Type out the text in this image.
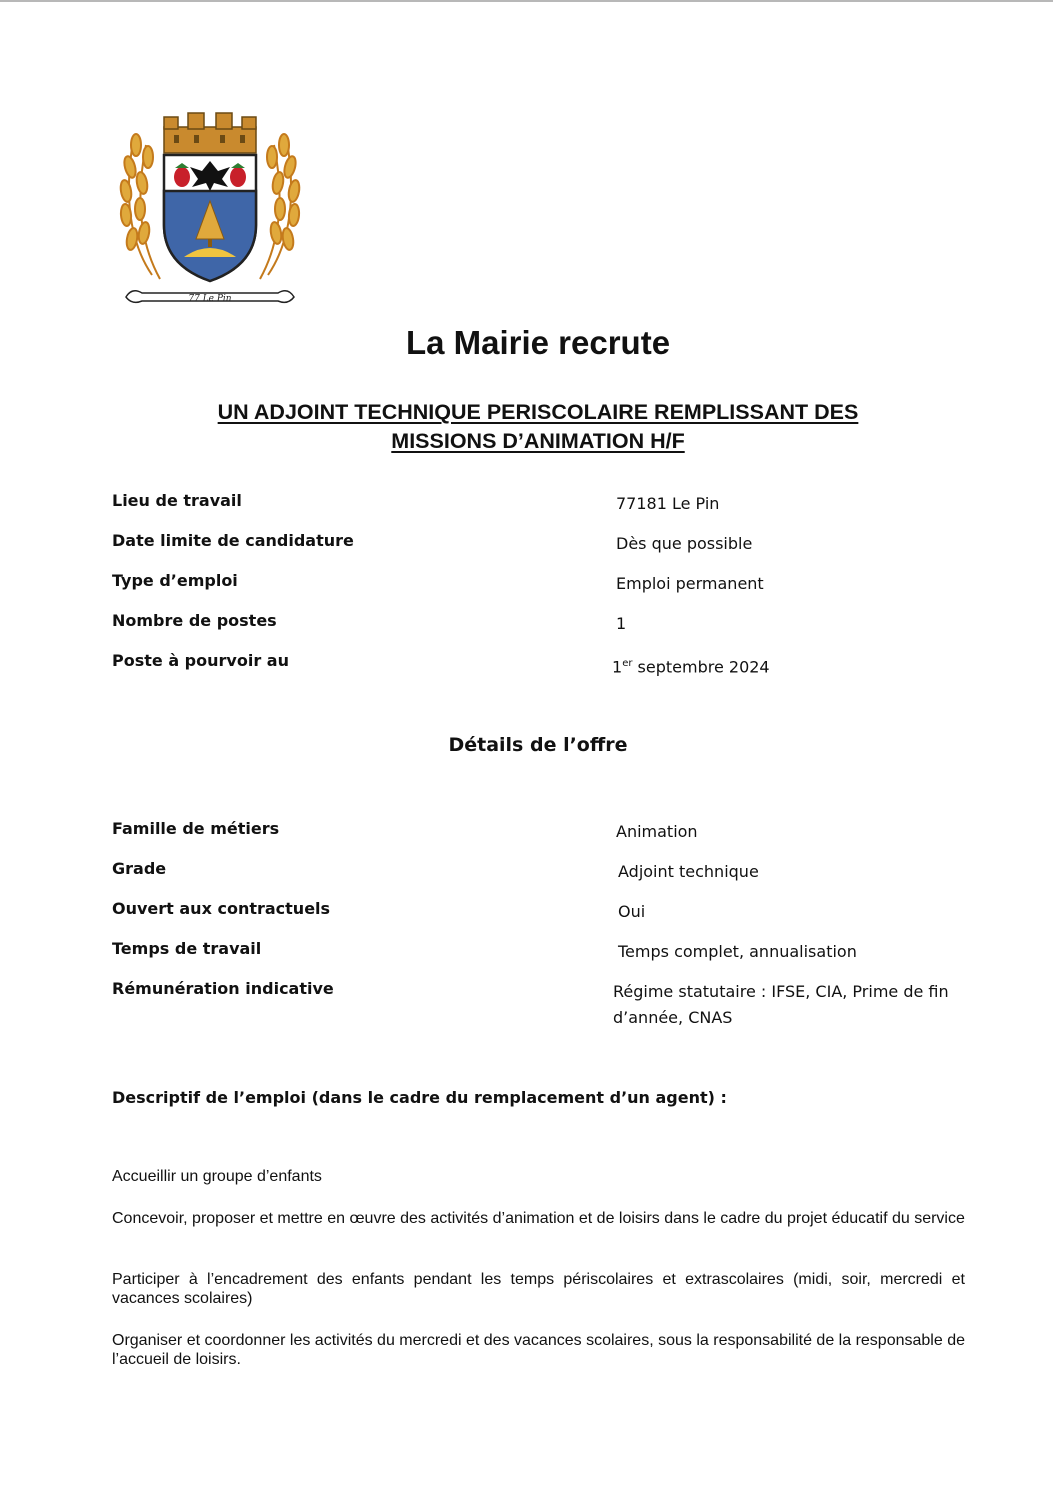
77 Le Pin
La Mairie recrute
UN ADJOINT TECHNIQUE PERISCOLAIRE REMPLISSANT DES
MISSIONS D’ANIMATION H/F
Lieu de travail	77181 Le Pin
Date limite de candidature	Dès que possible
Type d’emploi	Emploi permanent
Nombre de postes	1
Poste à pourvoir au	1er septembre 2024
Détails de l’offre
Famille de métiers	Animation
Grade	Adjoint technique
Ouvert aux contractuels	Oui
Temps de travail	Temps complet, annualisation
Rémunération indicative	Régime statutaire : IFSE, CIA, Prime de fin d’année, CNAS
Descriptif de l’emploi (dans le cadre du remplacement d’un agent) :
Accueillir un groupe d’enfants
Concevoir, proposer et mettre en œuvre des activités d’animation et de loisirs dans le cadre du projet éducatif du service
Participer à l’encadrement des enfants pendant les temps périscolaires et extrascolaires (midi, soir, mercredi et vacances scolaires)
Organiser et coordonner les activités du mercredi et des vacances scolaires, sous la responsabilité de la responsable de l’accueil de loisirs.
